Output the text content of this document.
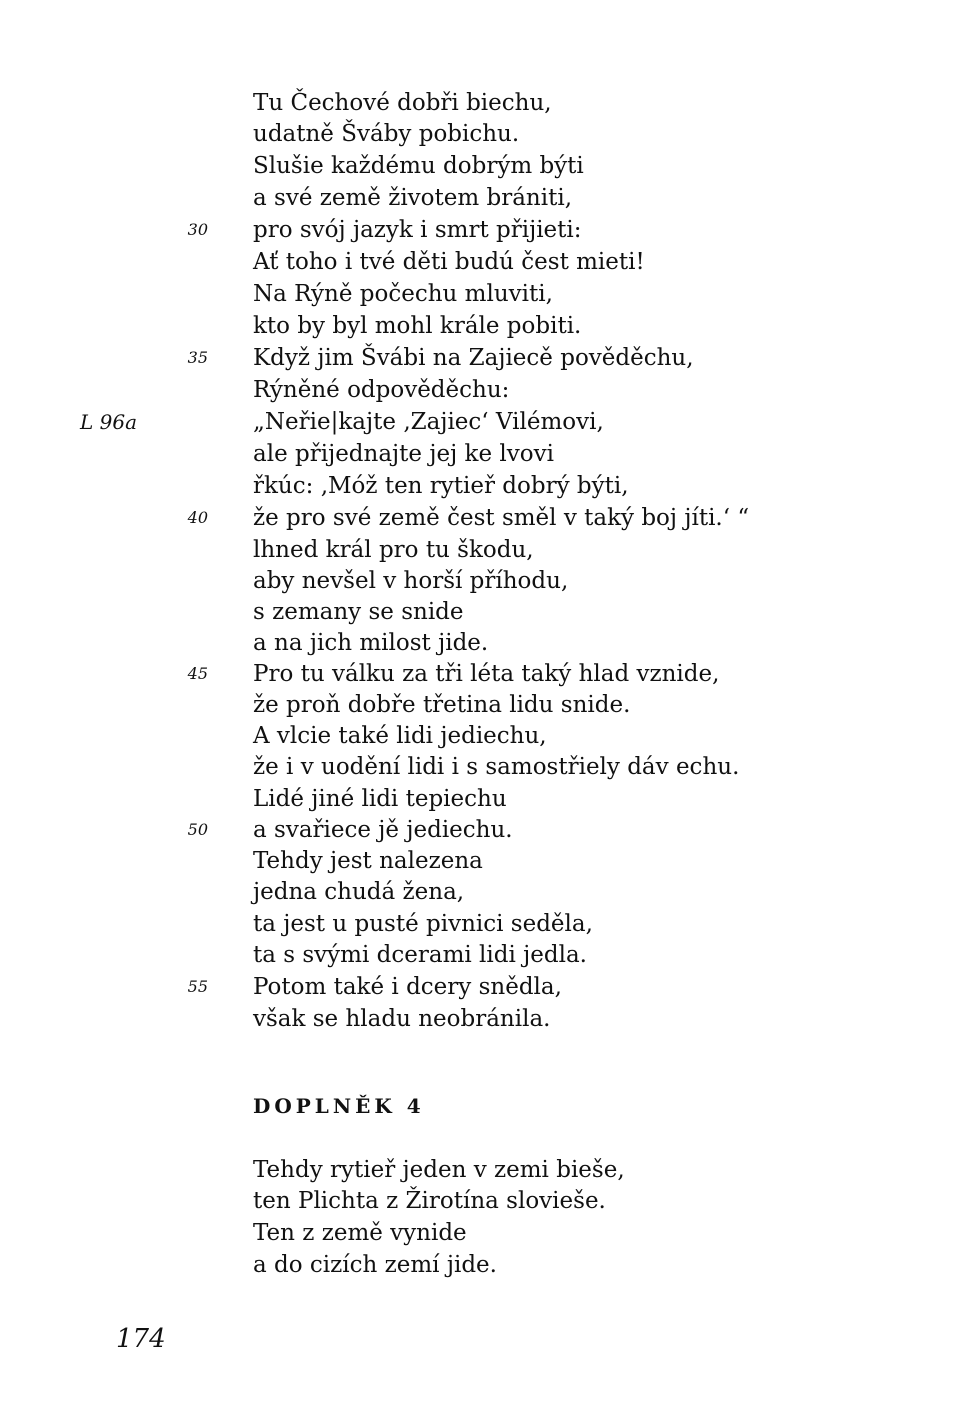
Tu Čechové dobři biechu,
udatně Šváby pobichu.
Slušie každému dobrým býti
a své země životem brániti,
pro svój jazyk i smrt přijieti:
Ať toho i tvé děti budú čest mieti!
Na Rýně počechu mluviti,
kto by byl mohl krále pobiti.
Když jim Švábi na Zajiecě pověděchu,
Rýněné odpověděchu:
„Neřie|kajte ‚Zajiec‘ Vilémovi,
ale přijednajte jej ke lvovi
řkúc: ‚Móž ten rytieř dobrý býti,
že pro své země čest směl v taký boj jíti.‘ “
lhned král pro tu škodu,
aby nevšel v horší příhodu,
s zemany se snide
a na jich milost jide.
Pro tu válku za tři léta taký hlad vznide,
že proň dobře třetina lidu snide.
A vlcie také lidi jediechu,
že i v uodění lidi i s samostřiely dáv echu.
Lidé jiné lidi tepiechu
a svařiece jě jediechu.
Tehdy jest nalezena
jedna chudá žena,
ta jest u pusté pivnici seděla,
ta s svými dcerami lidi jedla.
Potom také i dcery snědla,
však se hladu neobránila.
30
35
40
45
50
55
L 96a
DOPLNĚK 4
Tehdy rytieř jeden v zemi bieše,
ten Plichta z Žirotína slovieše.
Ten z země vynide
a do cizích zemí jide.
174
